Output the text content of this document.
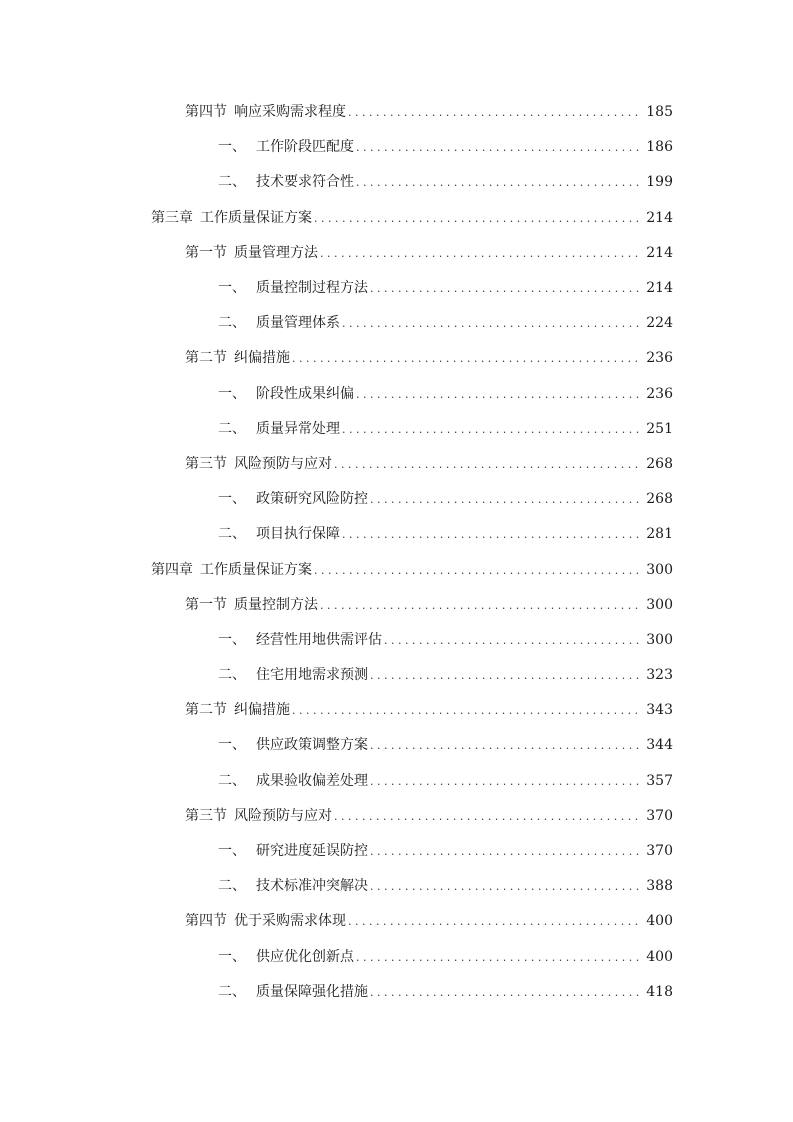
第四节 响应采购需求程度 . . .	185
一、 工作阶段匹配度 . . .	186
二、 技术要求符合性 . . .	199
第三章 工作质量保证方案 . . .	214
第一节 质量管理方法 . . .	214
一、 质量控制过程方法 . . .	214
二、 质量管理体系 . . .	224
第二节 纠偏措施 . . .	236
一、 阶段性成果纠偏 . . .	236
二、 质量异常处理 . . .	251
第三节 风险预防与应对 . . .	268
一、 政策研究风险防控 . . .	268
二、 项目执行保障 . . .	281
第四章 工作质量保证方案 . . .	300
第一节 质量控制方法 . . .	300
一、 经营性用地供需评估 . . .	300
二、 住宅用地需求预测 . . .	323
第二节 纠偏措施 . . .	343
一、 供应政策调整方案 . . .	344
二、 成果验收偏差处理 . . .	357
第三节 风险预防与应对 . . .	370
一、 研究进度延误防控 . . .	370
二、 技术标准冲突解决 . . .	388
第四节 优于采购需求体现 . . .	400
一、 供应优化创新点 . . .	400
二、 质量保障强化措施 . . .	418
